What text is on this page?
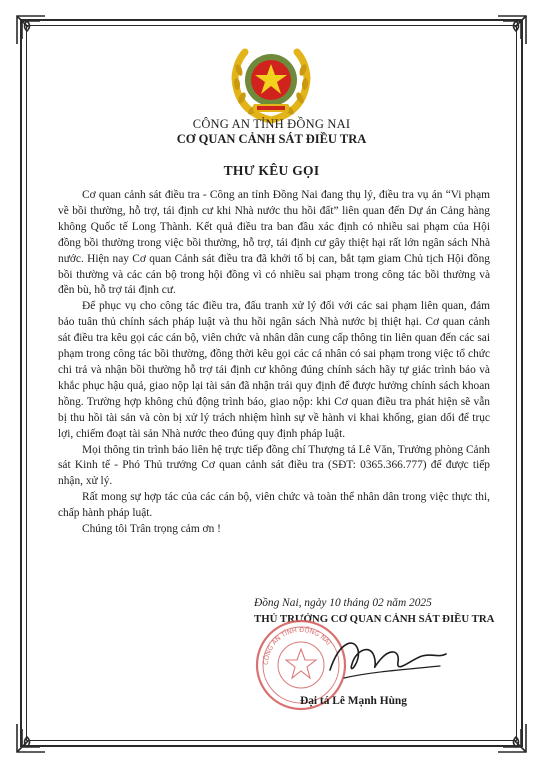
CÔNG AN TỈNH ĐỒNG NAI
CƠ QUAN CẢNH SÁT ĐIỀU TRA
THƯ KÊU GỌI

Cơ quan cảnh sát điều tra - Công an tỉnh Đồng Nai đang thụ lý, điều tra vụ án “Vi phạm về bồi thường, hỗ trợ, tái định cư khi Nhà nước thu hồi đất” liên quan đến Dự án Cảng hàng không Quốc tế Long Thành. Kết quả điều tra ban đầu xác định có nhiều sai phạm của Hội đồng bồi thường trong việc bồi thường, hỗ trợ, tái định cư gây thiệt hại rất lớn ngân sách Nhà nước. Hiện nay Cơ quan Cảnh sát điều tra đã khởi tố bị can, bắt tạm giam Chủ tịch Hội đồng bồi thường và các cán bộ trong hội đồng vì có nhiều sai phạm trong công tác bồi thường và đền bù, hỗ trợ tái định cư.

Để phục vụ cho công tác điều tra, đấu tranh xử lý đối với các sai phạm liên quan, đảm bảo tuân thủ chính sách pháp luật và thu hồi ngân sách Nhà nước bị thiệt hại. Cơ quan cảnh sát điều tra kêu gọi các cán bộ, viên chức và nhân dân cung cấp thông tin liên quan đến các sai phạm trong công tác bồi thường, đồng thời kêu gọi các cá nhân có sai phạm trong việc tổ chức chi trả và nhận bồi thường hỗ trợ tái định cư không đúng chính sách hãy tự giác trình báo và khắc phục hậu quả, giao nộp lại tài sản đã nhận trái quy định để được hưởng chính sách khoan hồng. Trường hợp không chủ động trình báo, giao nộp: khi Cơ quan điều tra phát hiện sẽ vẫn bị thu hồi tài sản và còn bị xử lý trách nhiệm hình sự về hành vi khai khống, gian dối để trục lợi, chiếm đoạt tài sản Nhà nước theo đúng quy định pháp luật.

Mọi thông tin trình báo liên hệ trực tiếp đồng chí Thượng tá Lê Văn, Trưởng phòng Cảnh sát Kinh tế - Phó Thủ trưởng Cơ quan cảnh sát điều tra (SĐT: 0365.366.777) để được tiếp nhận, xử lý.

Rất mong sự hợp tác của các cán bộ, viên chức và toàn thể nhân dân trong việc thực thi, chấp hành pháp luật.

Chúng tôi Trân trọng cảm ơn !

Đồng Nai, ngày 10 tháng 02 năm 2025
THỦ TRƯỞNG CƠ QUAN CẢNH SÁT ĐIỀU TRA
CÔNG AN TỈNH ĐỒNG NAI
Đại tá Lê Mạnh Hùng
